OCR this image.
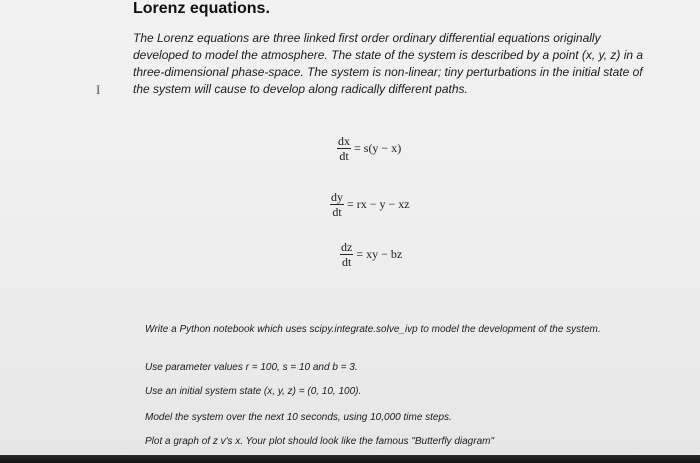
Lorenz equations.
The Lorenz equations are three linked first order ordinary differential equations originally developed to model the atmosphere. The state of the system is described by a point (x, y, z) in a three-dimensional phase-space. The system is non-linear; tiny perturbations in the initial state of the system will cause to develop along radically different paths.
I
$\frac{dx}{dt} = s(y - x)$
$\frac{dy}{dt}$ = rx − y − xz
$\frac{dz}{dt}$ = xy − bz
Write a Python notebook which uses scipy.integrate.solve_ivp to model the development of the system.
Use parameter values r = 100, s = 10 and b = 3.
Use an initial system state (x, y, z) = (0, 10, 100).
Model the system over the next 10 seconds, using 10,000 time steps.
Plot a graph of z v's x. Your plot should look like the famous "Butterfly diagram"
